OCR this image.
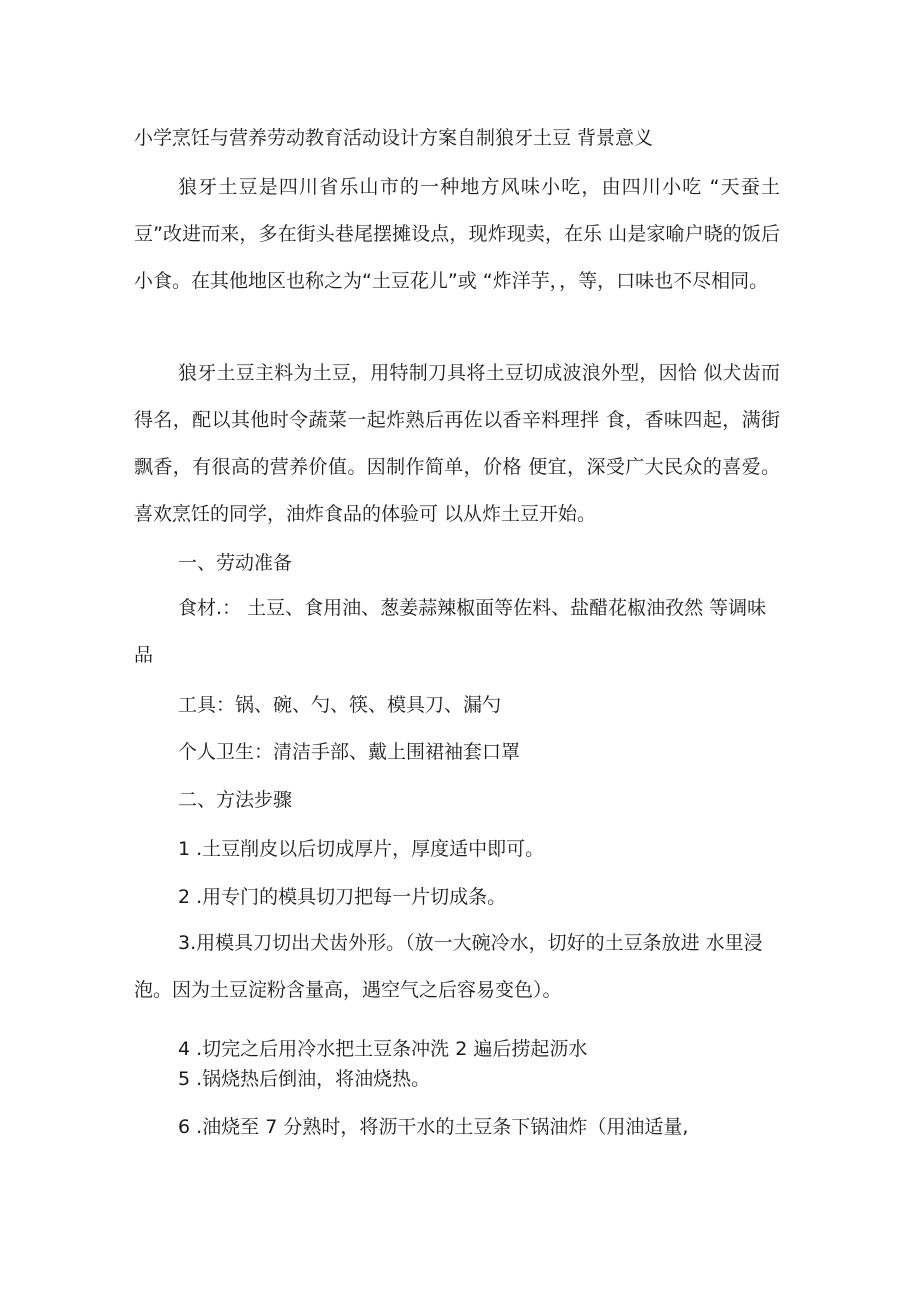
小学烹饪与营养劳动教育活动设计方案自制狼牙土豆 背景意义

狼牙土豆是四川省乐山市的一种地方风味小吃，由四川小吃 “天蚕土豆”改进而来，多在街头巷尾摆摊设点，现炸现卖，在乐 山是家喻户晓的饭后小食。在其他地区也称之为“土豆花儿”或 “炸洋芋，，等，口味也不尽相同。

狼牙土豆主料为土豆，用特制刀具将土豆切成波浪外型，因恰 似犬齿而得名，配以其他时令蔬菜一起炸熟后再佐以香辛料理拌 食，香味四起，满街飘香，有很高的营养价值。因制作简单，价格 便宜，深受广大民众的喜爱。喜欢烹饪的同学，油炸食品的体验可 以从炸土豆开始。

一、劳动准备

食材.： 土豆、食用油、葱姜蒜辣椒面等佐料、盐醋花椒油孜然 等调味品

工具：锅、碗、勺、筷、模具刀、漏勺
个人卫生：清洁手部、戴上围裙袖套口罩
二、方法步骤
1 .土豆削皮以后切成厚片，厚度适中即可。
2 .用专门的模具切刀把每一片切成条。

3.用模具刀切出犬齿外形。（放一大碗冷水，切好的土豆条放进 水里浸泡。因为土豆淀粉含量高，遇空气之后容易变色）。

4 .切完之后用冷水把土豆条冲洗 2 遍后捞起沥水
5 .锅烧热后倒油，将油烧热。
6 .油烧至 7 分熟时，将沥干水的土豆条下锅油炸（用油适量,
